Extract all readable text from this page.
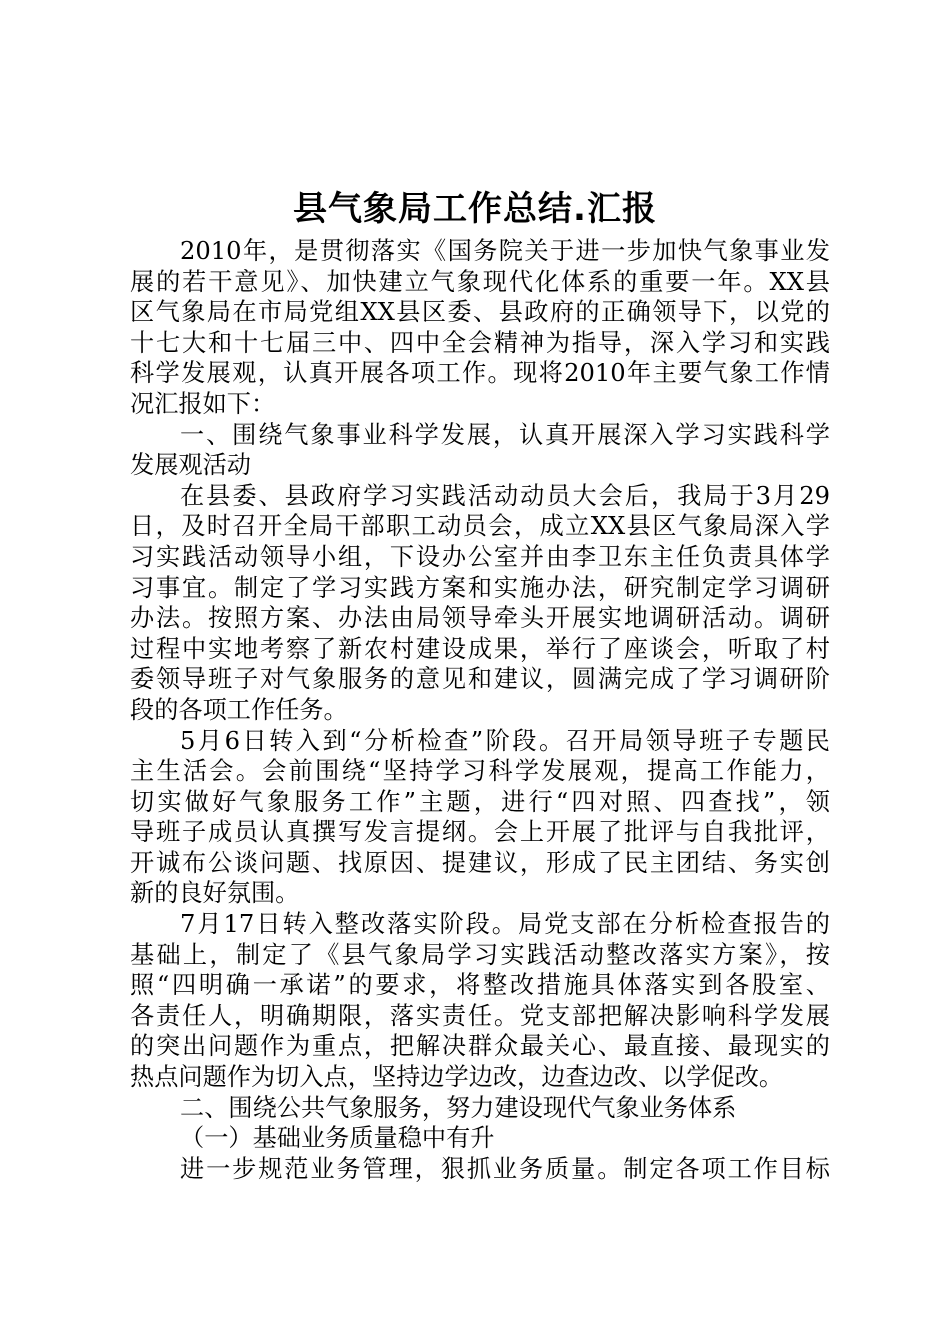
县气象局工作总结.汇报
2010年，是贯彻落实《国务院关于进一步加快气象事业发
展的若干意见》、加快建立气象现代化体系的重要一年。XX县
区气象局在市局党组XX县区委、县政府的正确领导下，以党的
十七大和十七届三中、四中全会精神为指导，深入学习和实践
科学发展观，认真开展各项工作。现将2010年主要气象工作情
况汇报如下：
一、围绕气象事业科学发展，认真开展深入学习实践科学
发展观活动
在县委、县政府学习实践活动动员大会后，我局于3月29
日，及时召开全局干部职工动员会，成立XX县区气象局深入学
习实践活动领导小组，下设办公室并由李卫东主任负责具体学
习事宜。制定了学习实践方案和实施办法，研究制定学习调研
办法。按照方案、办法由局领导牵头开展实地调研活动。调研
过程中实地考察了新农村建设成果，举行了座谈会，听取了村
委领导班子对气象服务的意见和建议，圆满完成了学习调研阶
段的各项工作任务。
5月6日转入到“分析检查”阶段。召开局领导班子专题民
主生活会。会前围绕“坚持学习科学发展观，提高工作能力，
切实做好气象服务工作”主题，进行“四对照、四查找”，领
导班子成员认真撰写发言提纲。会上开展了批评与自我批评，
开诚布公谈问题、找原因、提建议，形成了民主团结、务实创
新的良好氛围。
7月17日转入整改落实阶段。局党支部在分析检查报告的
基础上，制定了《县气象局学习实践活动整改落实方案》，按
照“四明确一承诺”的要求，将整改措施具体落实到各股室、
各责任人，明确期限，落实责任。党支部把解决影响科学发展
的突出问题作为重点，把解决群众最关心、最直接、最现实的
热点问题作为切入点，坚持边学边改，边查边改、以学促改。
二、围绕公共气象服务，努力建设现代气象业务体系
（一）基础业务质量稳中有升
进一步规范业务管理，狠抓业务质量。制定各项工作目标
